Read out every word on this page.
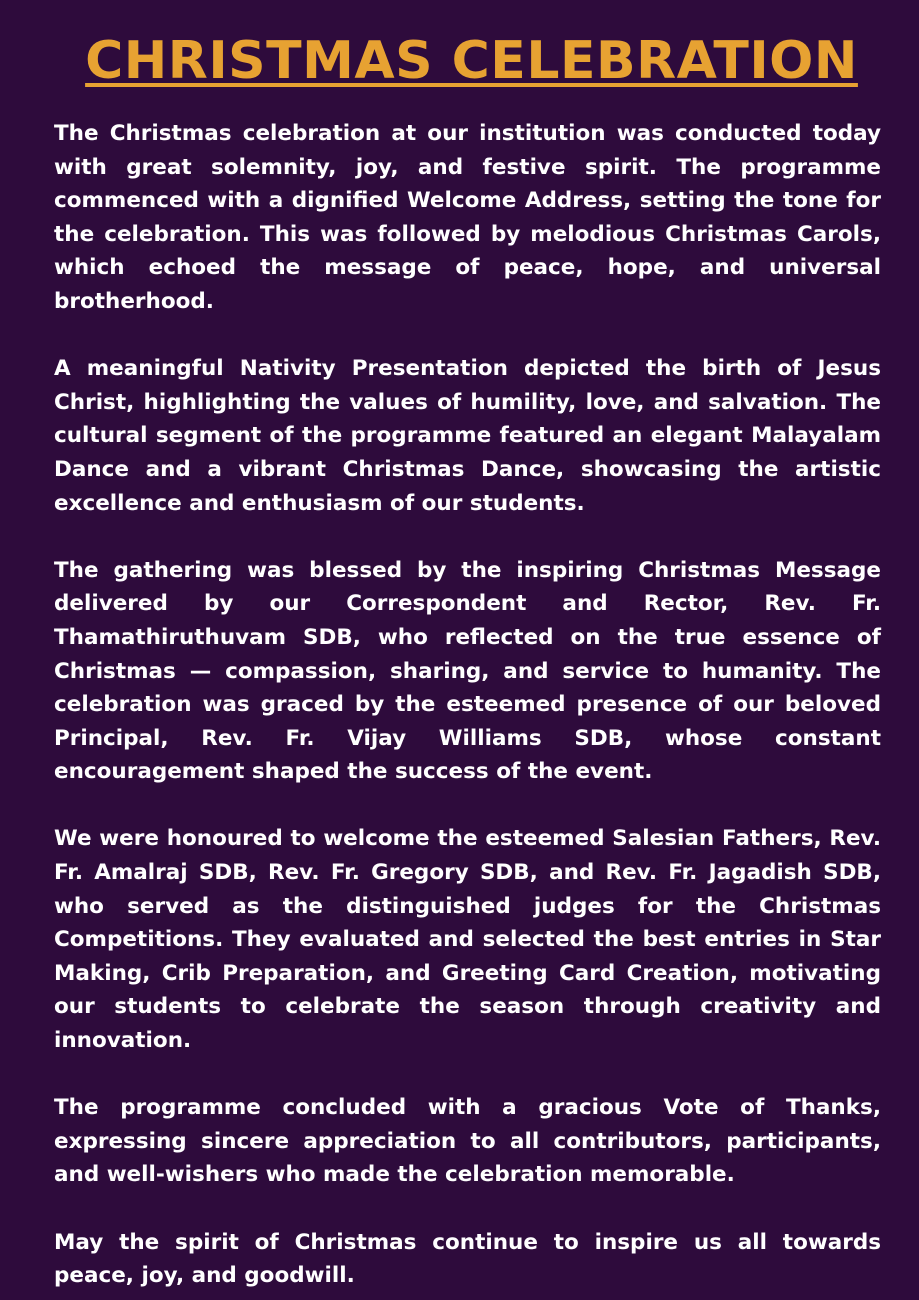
CHRISTMAS CELEBRATION

The Christmas celebration at our institution was conducted today with great solemnity, joy, and festive spirit. The programme commenced with a dignified Welcome Address, setting the tone for the celebration. This was followed by melodious Christmas Carols, which echoed the message of peace, hope, and universal brotherhood.

A meaningful Nativity Presentation depicted the birth of Jesus Christ, highlighting the values of humility, love, and salvation. The cultural segment of the programme featured an elegant Malayalam Dance and a vibrant Christmas Dance, showcasing the artistic excellence and enthusiasm of our students.

The gathering was blessed by the inspiring Christmas Message delivered by our Correspondent and Rector, Rev. Fr. Thamathiruthuvam SDB, who reflected on the true essence of Christmas — compassion, sharing, and service to humanity. The celebration was graced by the esteemed presence of our beloved Principal, Rev. Fr. Vijay Williams SDB, whose constant encouragement shaped the success of the event.

We were honoured to welcome the esteemed Salesian Fathers, Rev. Fr. Amalraj SDB, Rev. Fr. Gregory SDB, and Rev. Fr. Jagadish SDB, who served as the distinguished judges for the Christmas Competitions. They evaluated and selected the best entries in Star Making, Crib Preparation, and Greeting Card Creation, motivating our students to celebrate the season through creativity and innovation.

The programme concluded with a gracious Vote of Thanks, expressing sincere appreciation to all contributors, participants, and well-wishers who made the celebration memorable.

May the spirit of Christmas continue to inspire us all towards peace, joy, and goodwill.
